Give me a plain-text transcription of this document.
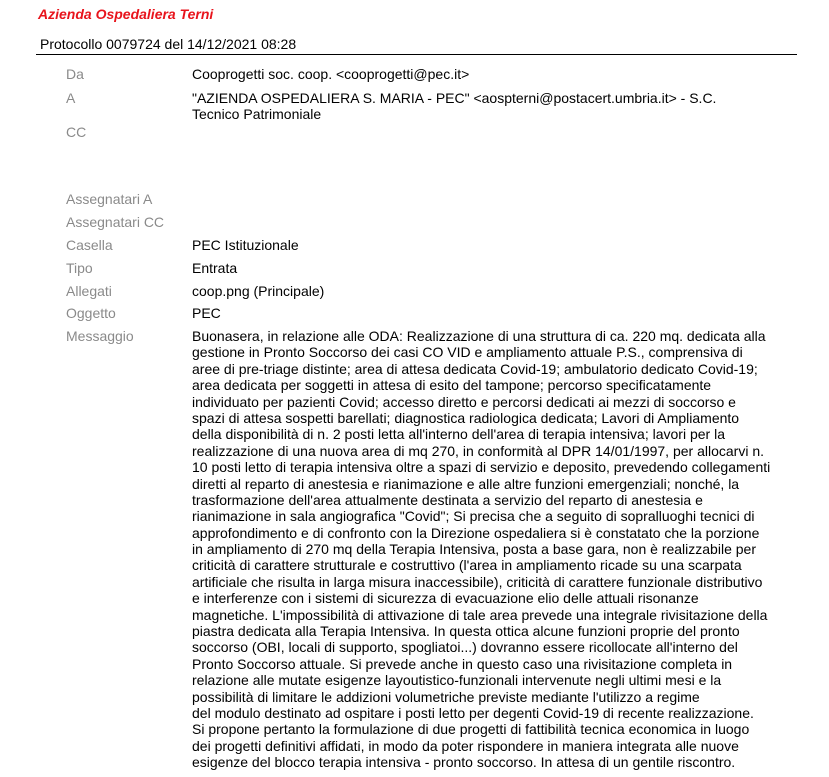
Azienda Ospedaliera Terni
Protocollo 0079724 del 14/12/2021 08:28
Da	Cooprogetti soc. coop. <cooprogetti@pec.it>
A	"AZIENDA OSPEDALIERA S. MARIA - PEC" <aospterni@postacert.umbria.it> - S.C.
Tecnico Patrimoniale
CC
Assegnatari A
Assegnatari CC
Casella	PEC Istituzionale
Tipo	Entrata
Allegati	coop.png (Principale)
Oggetto	PEC
Messaggio	Buonasera, in relazione alle ODA: Realizzazione di una struttura di ca. 220 mq. dedicata alla
gestione in Pronto Soccorso dei casi CO VID e ampliamento attuale P.S., comprensiva di
aree di pre-triage distinte; area di attesa dedicata Covid-19; ambulatorio dedicato Covid-19;
area dedicata per soggetti in attesa di esito del tampone; percorso specificatamente
individuato per pazienti Covid; accesso diretto e percorsi dedicati ai mezzi di soccorso e
spazi di attesa sospetti barellati; diagnostica radiologica dedicata; Lavori di Ampliamento
della disponibilità di n. 2 posti letta all'interno dell'area di terapia intensiva; lavori per la
realizzazione di una nuova area di mq 270, in conformità al DPR 14/01/1997, per allocarvi n.
10 posti letto di terapia intensiva oltre a spazi di servizio e deposito, prevedendo collegamenti
diretti al reparto di anestesia e rianimazione e alle altre funzioni emergenziali; nonché, la
trasformazione dell'area attualmente destinata a servizio del reparto di anestesia e
rianimazione in sala angiografica "Covid"; Si precisa che a seguito di sopralluoghi tecnici di
approfondimento e di confronto con la Direzione ospedaliera si è constatato che la porzione
in ampliamento di 270 mq della Terapia Intensiva, posta a base gara, non è realizzabile per
criticità di carattere strutturale e costruttivo (l'area in ampliamento ricade su una scarpata
artificiale che risulta in larga misura inaccessibile), criticità di carattere funzionale distributivo
e interferenze con i sistemi di sicurezza di evacuazione elio delle attuali risonanze
magnetiche. L'impossibilità di attivazione di tale area prevede una integrale rivisitazione della
piastra dedicata alla Terapia Intensiva. In questa ottica alcune funzioni proprie del pronto
soccorso (OBI, locali di supporto, spogliatoi...) dovranno essere ricollocate all'interno del
Pronto Soccorso attuale. Si prevede anche in questo caso una rivisitazione completa in
relazione alle mutate esigenze layoutistico-funzionali intervenute negli ultimi mesi e la
possibilità di limitare le addizioni volumetriche previste mediante l'utilizzo a regime
del modulo destinato ad ospitare i posti letto per degenti Covid-19 di recente realizzazione.
Si propone pertanto la formulazione di due progetti di fattibilità tecnica economica in luogo
dei progetti definitivi affidati, in modo da poter rispondere in maniera integrata alle nuove
esigenze del blocco terapia intensiva - pronto soccorso. In attesa di un gentile riscontro.
